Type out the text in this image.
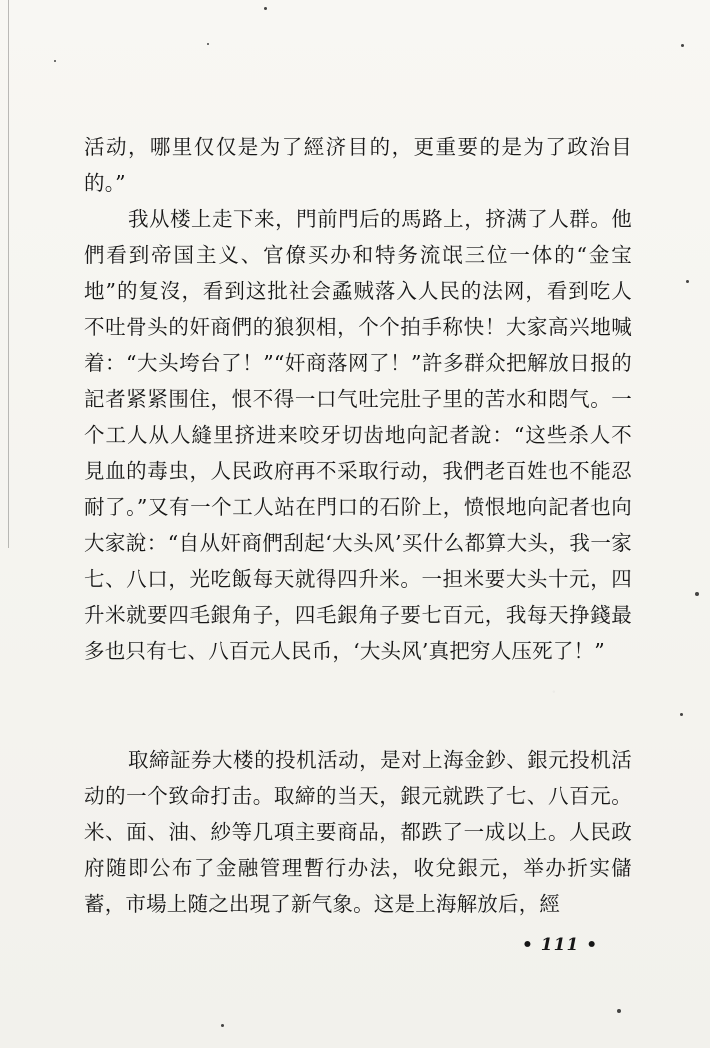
活动，哪里仅仅是为了經济目的，更重要的是为了政治目的。”

我从楼上走下来，門前門后的馬路上，挤满了人群。他們看到帝国主义、官僚买办和特务流氓三位一体的“金宝地”的复沒，看到这批社会蟊贼落入人民的法网，看到吃人不吐骨头的奸商們的狼狈相，个个拍手称快！大家高兴地喊着：“大头垮台了！”“奸商落网了！”許多群众把解放日报的記者紧紧围住，恨不得一口气吐完肚子里的苦水和悶气。一个工人从人縫里挤进来咬牙切齿地向記者說：“这些杀人不見血的毒虫，人民政府再不采取行动，我們老百姓也不能忍耐了。”又有一个工人站在門口的石阶上，愤恨地向記者也向大家說：“自从奸商們刮起‘大头风’买什么都算大头，我一家七、八口，光吃飯每天就得四升米。一担米要大头十元，四升米就要四毛銀角子，四毛銀角子要七百元，我每天挣錢最多也只有七、八百元人民币，‘大头风’真把穷人压死了！”

取締証券大楼的投机活动，是对上海金鈔、銀元投机活动的一个致命打击。取締的当天，銀元就跌了七、八百元。米、面、油、紗等几項主要商品，都跌了一成以上。人民政府随即公布了金融管理暫行办法，收兌銀元，举办折实儲蓄，市場上随之出現了新气象。这是上海解放后，經

• 111 •
